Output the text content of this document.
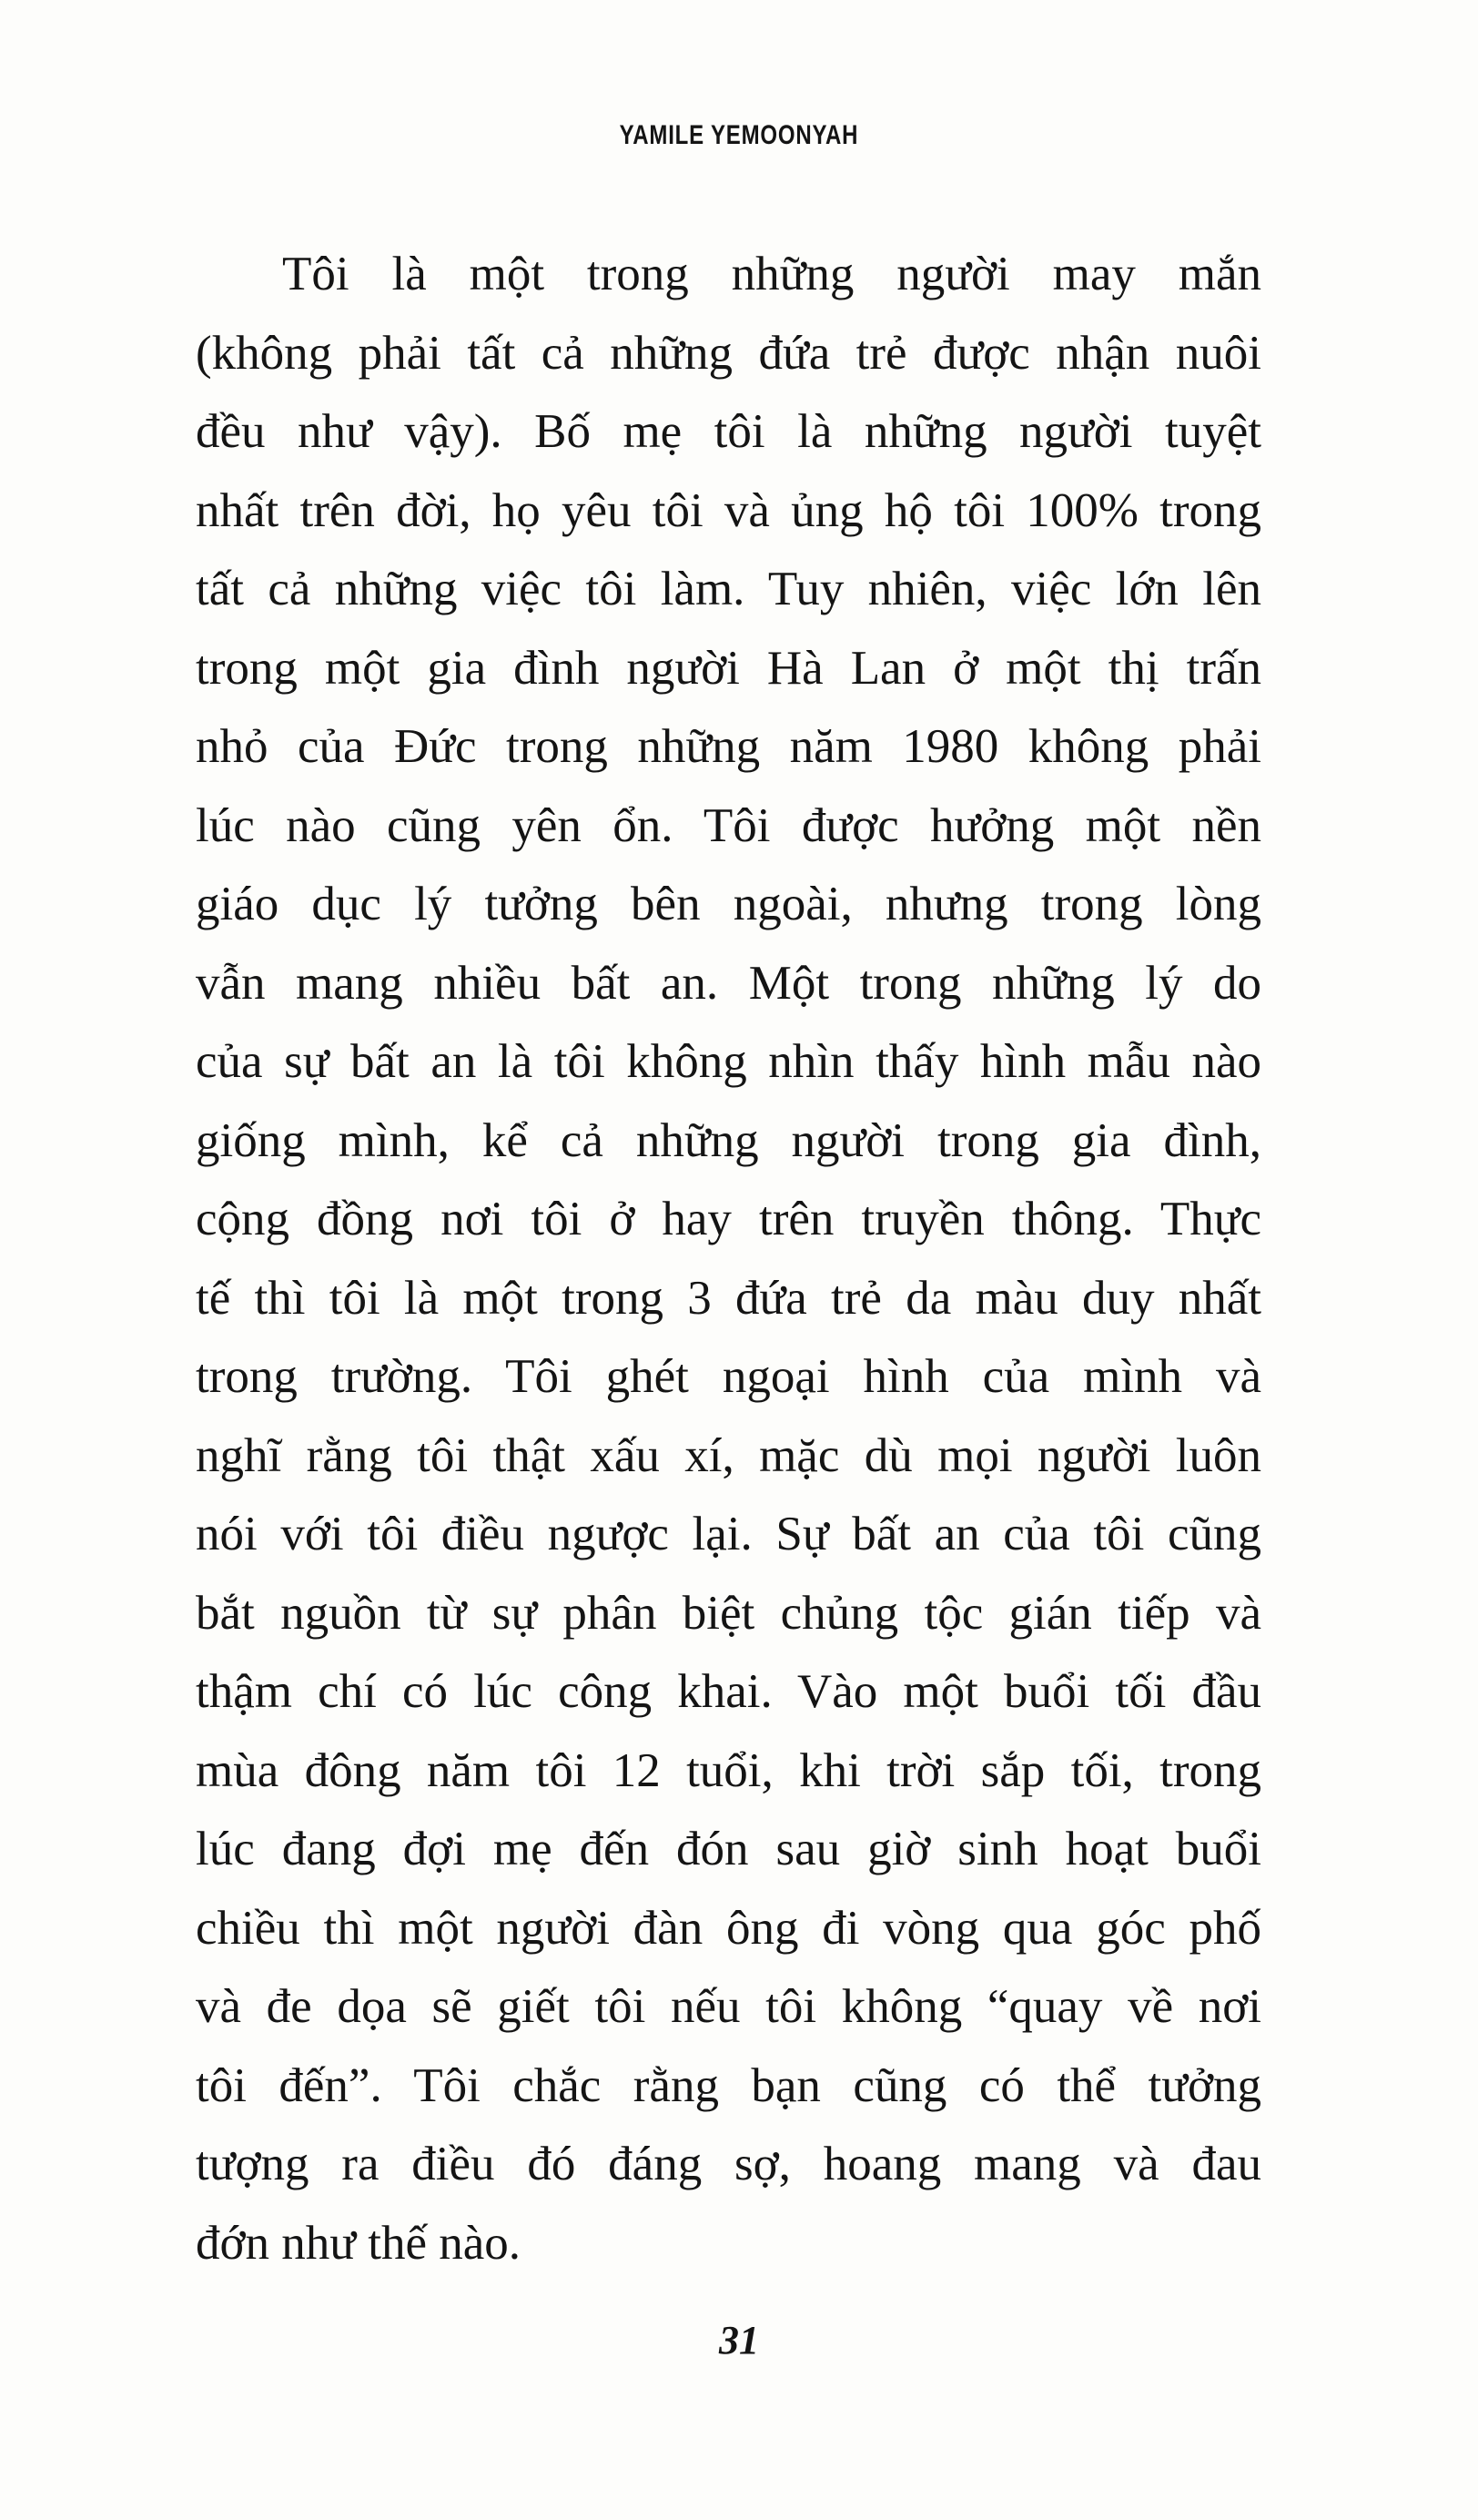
YAMILE YEMOONYAH
Tôi là một trong những người may mắn
(không phải tất cả những đứa trẻ được nhận nuôi
đều như vậy). Bố mẹ tôi là những người tuyệt
nhất trên đời, họ yêu tôi và ủng hộ tôi 100% trong
tất cả những việc tôi làm. Tuy nhiên, việc lớn lên
trong một gia đình người Hà Lan ở một thị trấn
nhỏ của Đức trong những năm 1980 không phải
lúc nào cũng yên ổn. Tôi được hưởng một nền
giáo dục lý tưởng bên ngoài, nhưng trong lòng
vẫn mang nhiều bất an. Một trong những lý do
của sự bất an là tôi không nhìn thấy hình mẫu nào
giống mình, kể cả những người trong gia đình,
cộng đồng nơi tôi ở hay trên truyền thông. Thực
tế thì tôi là một trong 3 đứa trẻ da màu duy nhất
trong trường. Tôi ghét ngoại hình của mình và
nghĩ rằng tôi thật xấu xí, mặc dù mọi người luôn
nói với tôi điều ngược lại. Sự bất an của tôi cũng
bắt nguồn từ sự phân biệt chủng tộc gián tiếp và
thậm chí có lúc công khai. Vào một buổi tối đầu
mùa đông năm tôi 12 tuổi, khi trời sắp tối, trong
lúc đang đợi mẹ đến đón sau giờ sinh hoạt buổi
chiều thì một người đàn ông đi vòng qua góc phố
và đe dọa sẽ giết tôi nếu tôi không “quay về nơi
tôi đến”. Tôi chắc rằng bạn cũng có thể tưởng
tượng ra điều đó đáng sợ, hoang mang và đau
đớn như thế nào.
31
